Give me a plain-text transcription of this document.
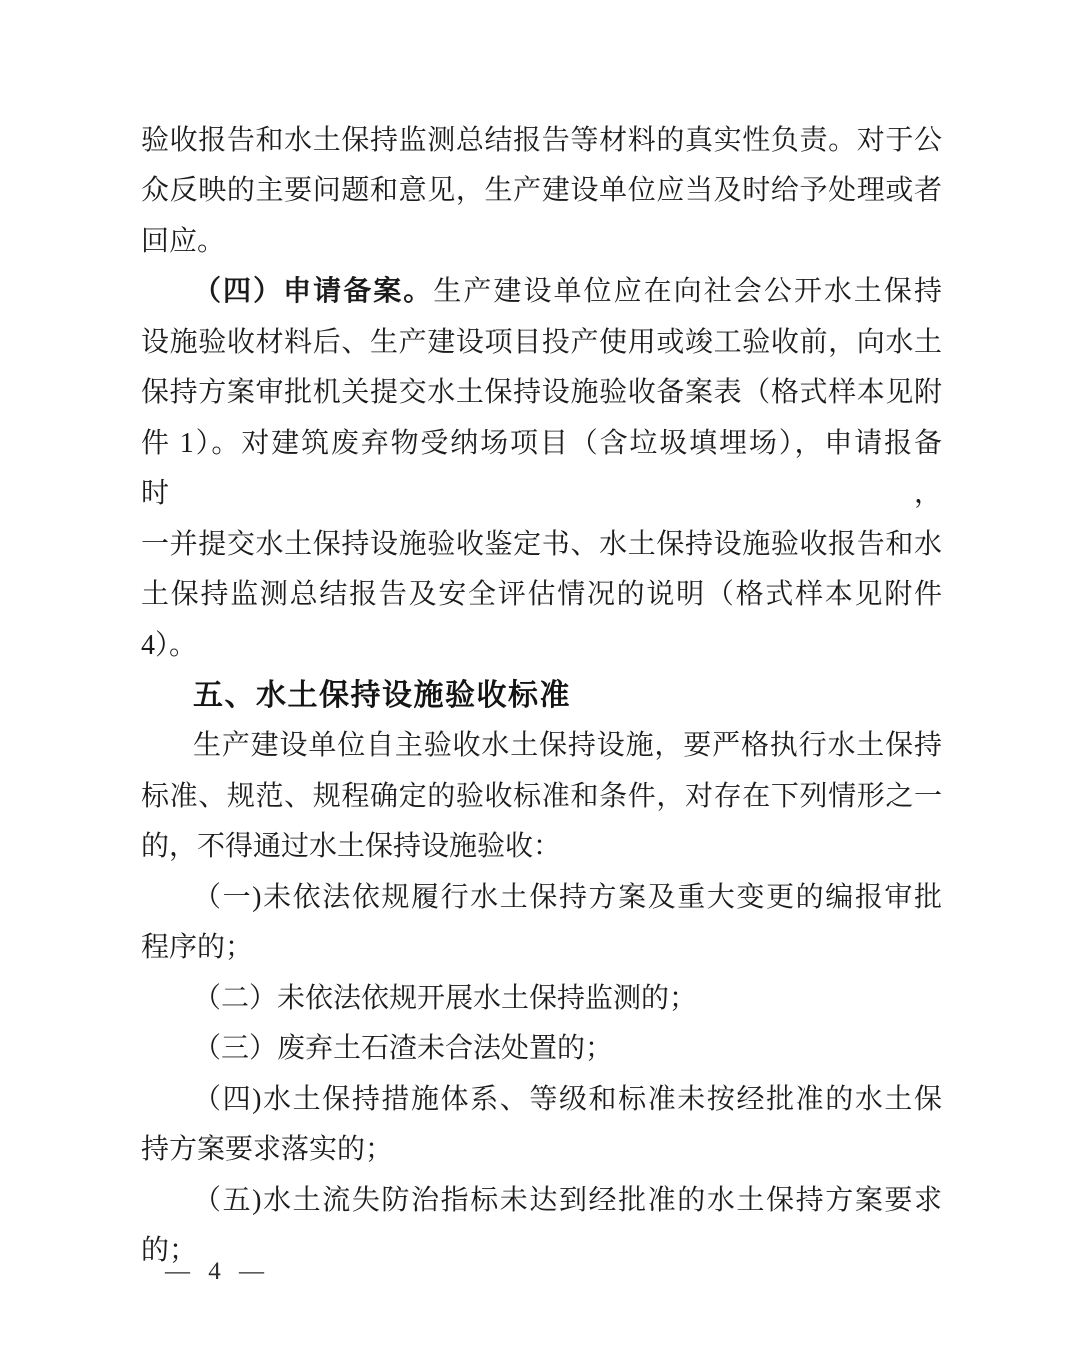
验收报告和水土保持监测总结报告等材料的真实性负责。对于公
众反映的主要问题和意见，生产建设单位应当及时给予处理或者
回应。
（四）申请备案。生产建设单位应在向社会公开水土保持
设施验收材料后、生产建设项目投产使用或竣工验收前，向水土
保持方案审批机关提交水土保持设施验收备案表（格式样本见附
件 1）。对建筑废弃物受纳场项目（含垃圾填埋场），申请报备时，
一并提交水土保持设施验收鉴定书、水土保持设施验收报告和水
土保持监测总结报告及安全评估情况的说明（格式样本见附件
4）。
五、水土保持设施验收标准
生产建设单位自主验收水土保持设施，要严格执行水土保持
标准、规范、规程确定的验收标准和条件，对存在下列情形之一
的，不得通过水土保持设施验收：
（一)未依法依规履行水土保持方案及重大变更的编报审批
程序的；
（二）未依法依规开展水土保持监测的；
（三）废弃土石渣未合法处置的；
（四)水土保持措施体系、等级和标准未按经批准的水土保
持方案要求落实的；
（五)水土流失防治指标未达到经批准的水土保持方案要求
的；
— 4 —
